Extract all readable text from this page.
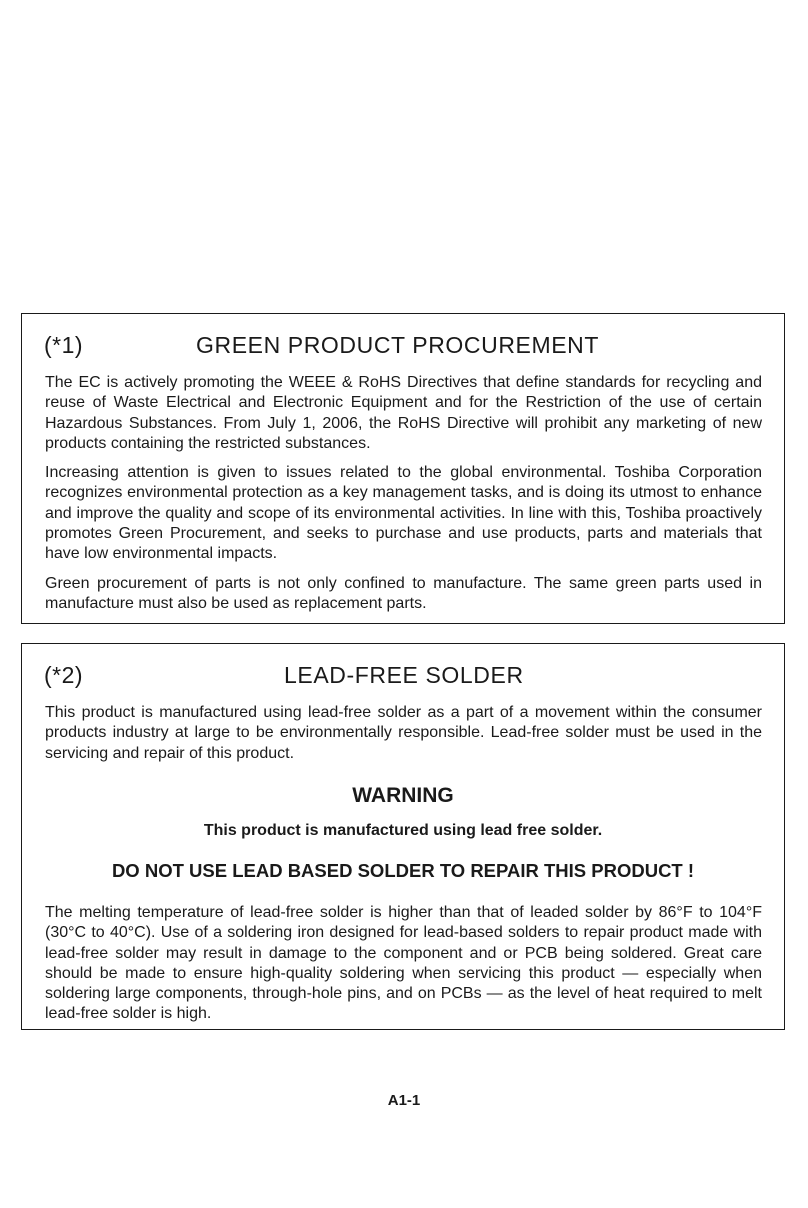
(*1)	GREEN PRODUCT PROCUREMENT
The EC is actively promoting the WEEE & RoHS Directives that define standards for recycling and reuse of Waste Electrical and Electronic Equipment and for the Restriction of the use of certain Hazardous Substances. From July 1, 2006, the RoHS Directive will prohibit any marketing of new products containing the restricted substances.
Increasing attention is given to issues related to the global environmental. Toshiba Corporation recognizes environmental protection as a key management tasks, and is doing its utmost to enhance and improve the quality and scope of its environmental activities. In line with this, Toshiba proactively promotes Green Procurement, and seeks to purchase and use products, parts and materials that have low environmental impacts.
Green procurement of parts is not only confined to manufacture. The same green parts used in manufacture must also be used as replacement parts.
(*2)	LEAD-FREE SOLDER
This product is manufactured using lead-free solder as a part of a movement within the consumer products industry at large to be environmentally responsible. Lead-free solder must be used in the servicing and repair of this product.
WARNING
This product is manufactured using lead free solder.
DO NOT USE LEAD BASED SOLDER TO REPAIR THIS PRODUCT !
The melting temperature of lead-free solder is higher than that of leaded solder by 86°F to 104°F (30°C to 40°C). Use of a soldering iron designed for lead-based solders to repair product made with lead-free solder may result in damage to the component and or PCB being soldered. Great care should be made to ensure high-quality soldering when servicing this product — especially when soldering large components, through-hole pins, and on PCBs — as the level of heat required to melt lead-free solder is high.
A1-1
